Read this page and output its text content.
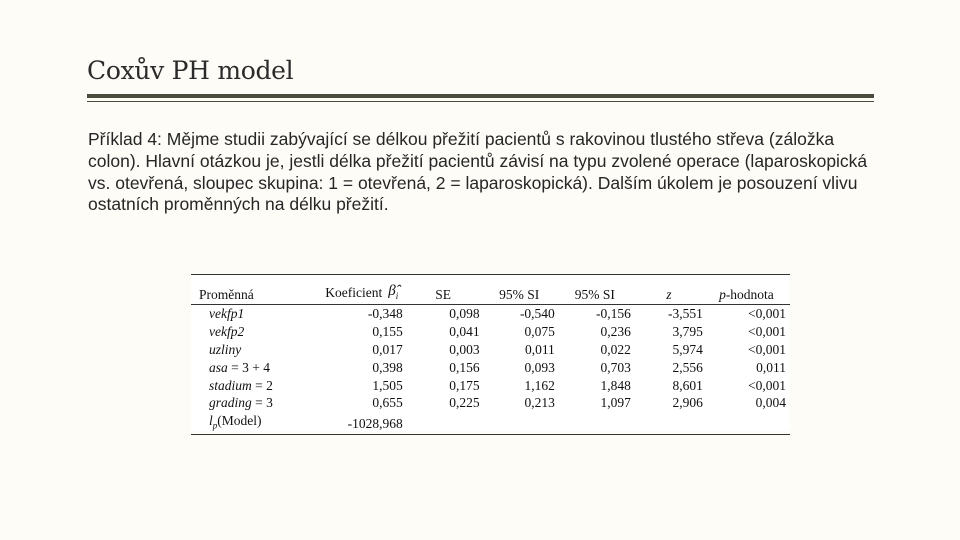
Coxův PH model

Příklad 4: Mějme studii zabývající se délkou přežití pacientů s rakovinou tlustého střeva (záložka colon). Hlavní otázkou je, jestli délka přežití pacientů závisí na typu zvolené operace (laparoskopická vs. otevřená, sloupec skupina: 1 = otevřená, 2 = laparoskopická). Dalším úkolem je posouzení vlivu ostatních proměnných na délku přežití.

Proměnná	Koeficient $\betâ_i$	SE	95% SI	95% SI	z	p-hodnota
vekfp1	-0,348	0,098	-0,540	-0,156	-3,551	<0,001
vekfp2	0,155	0,041	0,075	0,236	3,795	<0,001
uzliny	0,017	0,003	0,011	0,022	5,974	<0,001
asa = 3 + 4	0,398	0,156	0,093	0,703	2,556	0,011
stadium = 2	1,505	0,175	1,162	1,848	8,601	<0,001
grading = 3	0,655	0,225	0,213	1,097	2,906	0,004
$l_p(Model)$	-1028,968					
